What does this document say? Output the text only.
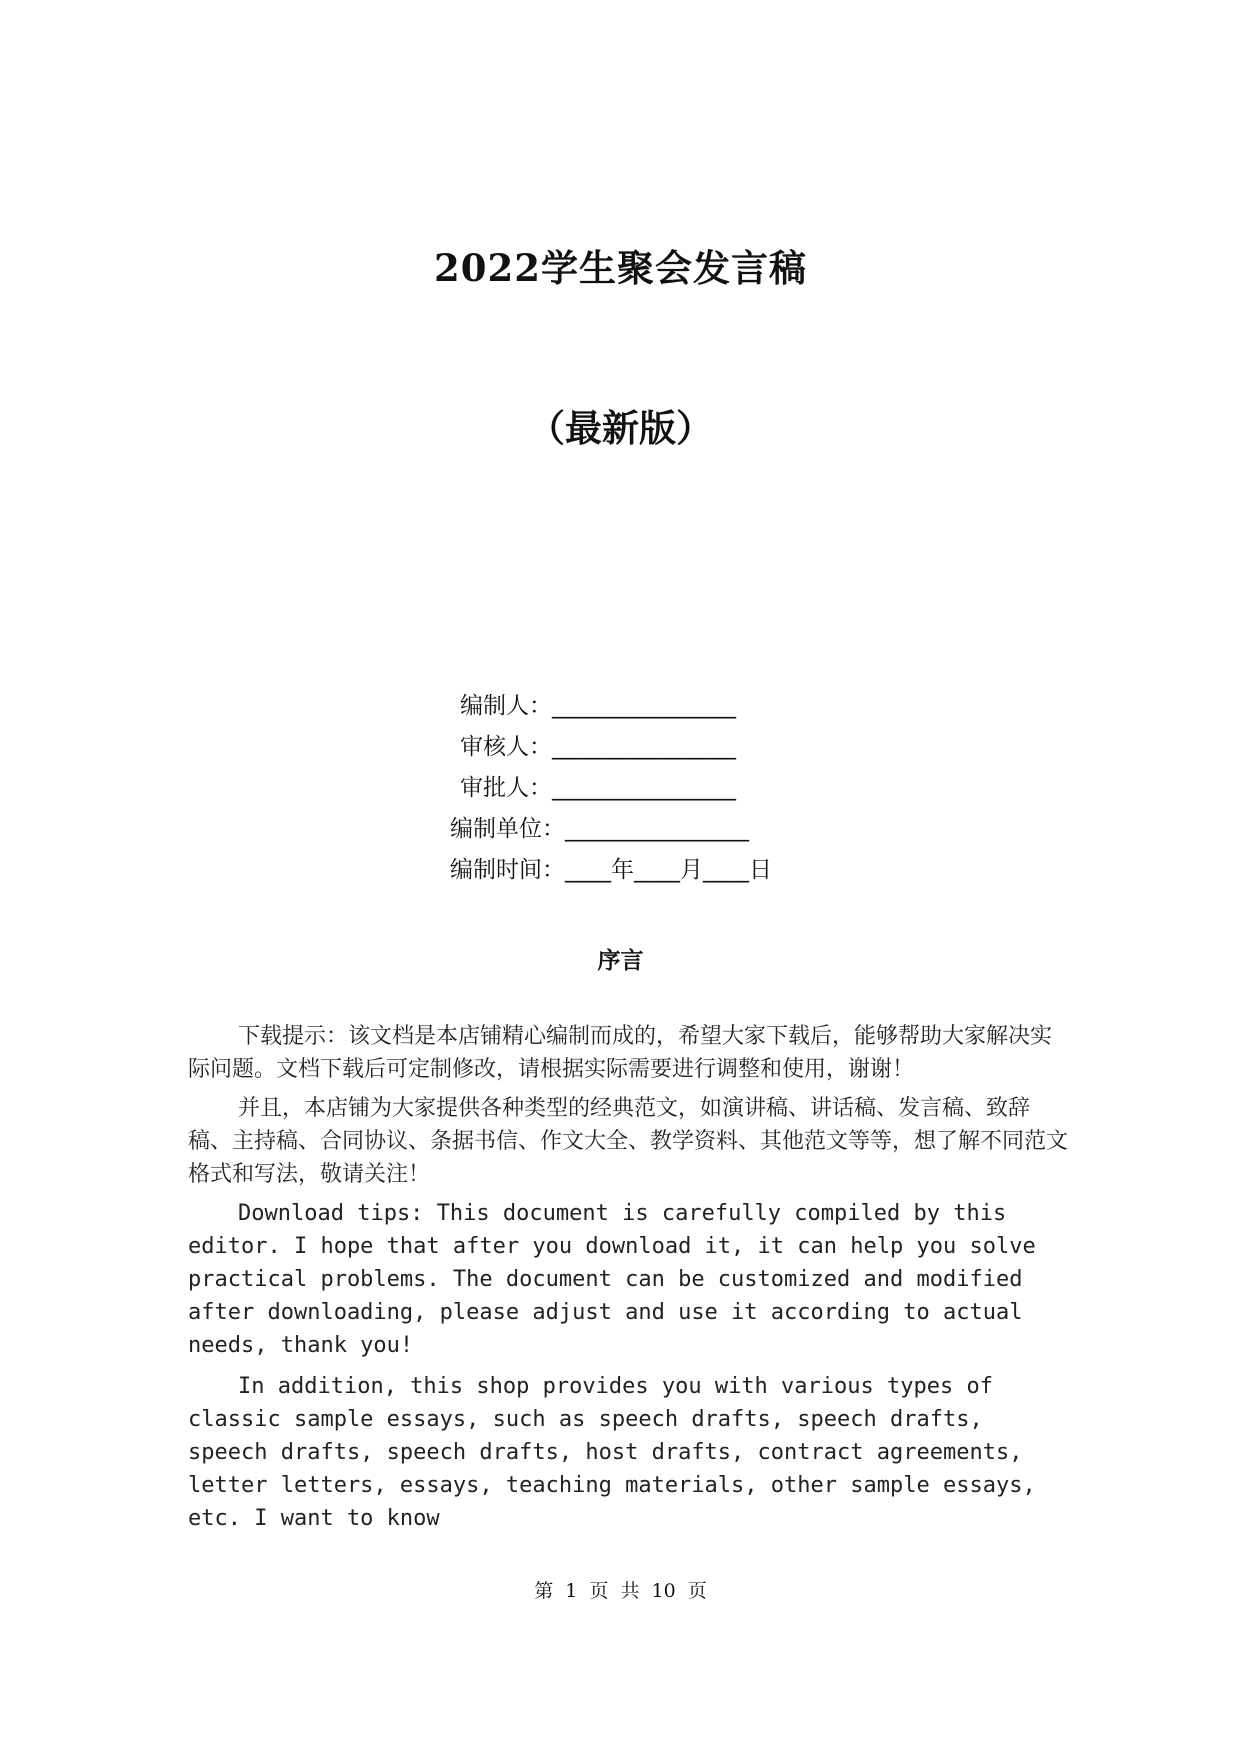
2022学生聚会发言稿
（最新版）
编制人： ________________
审核人： ________________
审批人： ________________
编制单位： ________________
编制时间： ____年____月____日
序言

下载提示：该文档是本店铺精心编制而成的，希望大家下载后，能够帮助大家解决实际问题。文档下载后可定制修改，请根据实际需要进行调整和使用，谢谢！

并且，本店铺为大家提供各种类型的经典范文，如演讲稿、讲话稿、发言稿、致辞稿、主持稿、合同协议、条据书信、作文大全、教学资料、其他范文等等，想了解不同范文格式和写法，敬请关注！

Download tips: This document is carefully compiled by this editor. I hope that after you download it, it can help you solve practical problems. The document can be customized and modified after downloading, please adjust and use it according to actual needs, thank you!

In addition, this shop provides you with various types of classic sample essays, such as speech drafts, speech drafts, speech drafts, speech drafts, host drafts, contract agreements, letter letters, essays, teaching materials, other sample essays, etc. I want to know

第 1 页 共 10 页
